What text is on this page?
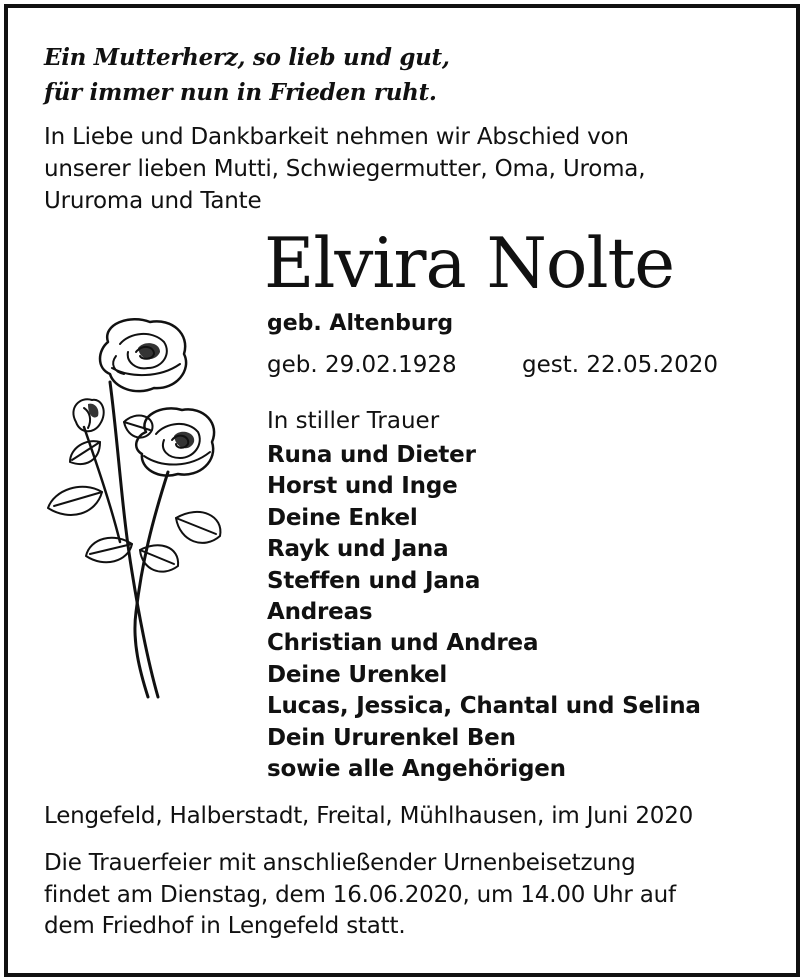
Ein Mutterherz, so lieb und gut,
für immer nun in Frieden ruht.
In Liebe und Dankbarkeit nehmen wir Abschied von
unserer lieben Mutti, Schwiegermutter, Oma, Uroma,
Ururoma und Tante
Elvira Nolte
geb. Altenburg
geb. 29.02.1928	gest. 22.05.2020
In stiller Trauer
Runa und Dieter
Horst und Inge
Deine Enkel
Rayk und Jana
Steffen und Jana
Andreas
Christian und Andrea
Deine Urenkel
Lucas, Jessica, Chantal und Selina
Dein Ururenkel Ben
sowie alle Angehörigen
Lengefeld, Halberstadt, Freital, Mühlhausen, im Juni 2020
Die Trauerfeier mit anschließender Urnenbeisetzung
findet am Dienstag, dem 16.06.2020, um 14.00 Uhr auf
dem Friedhof in Lengefeld statt.
